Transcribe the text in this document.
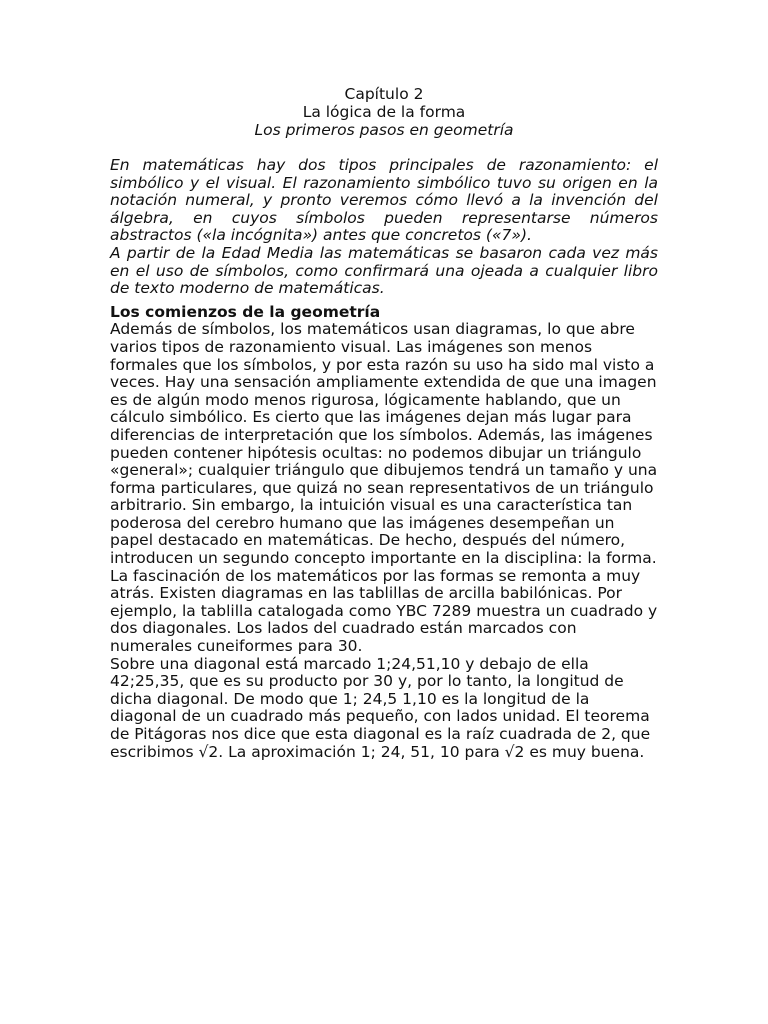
Capítulo 2
La lógica de la forma
Los primeros pasos en geometría

En matemáticas hay dos tipos principales de razonamiento: el simbólico y el visual. El razonamiento simbólico tuvo su origen en la notación numeral, y pronto veremos cómo llevó a la invención del álgebra, en cuyos símbolos pueden representarse números abstractos («la incógnita») antes que concretos («7»).

A partir de la Edad Media las matemáticas se basaron cada vez más en el uso de símbolos, como confirmará una ojeada a cualquier libro de texto moderno de matemáticas.

Los comienzos de la geometría

Además de símbolos, los matemáticos usan diagramas, lo que abre varios tipos de razonamiento visual. Las imágenes son menos formales que los símbolos, y por esta razón su uso ha sido mal visto a veces. Hay una sensación ampliamente extendida de que una imagen es de algún modo menos rigurosa, lógicamente hablando, que un cálculo simbólico. Es cierto que las imágenes dejan más lugar para diferencias de interpretación que los símbolos. Además, las imágenes pueden contener hipótesis ocultas: no podemos dibujar un triángulo «general»; cualquier triángulo que dibujemos tendrá un tamaño y una forma particulares, que quizá no sean representativos de un triángulo arbitrario. Sin embargo, la intuición visual es una característica tan poderosa del cerebro humano que las imágenes desempeñan un papel destacado en matemáticas. De hecho, después del número, introducen un segundo concepto importante en la disciplina: la forma.

La fascinación de los matemáticos por las formas se remonta a muy atrás. Existen diagramas en las tablillas de arcilla babilónicas. Por ejemplo, la tablilla catalogada como YBC 7289 muestra un cuadrado y dos diagonales. Los lados del cuadrado están marcados con numerales cuneiformes para 30.

Sobre una diagonal está marcado 1;24,51,10 y debajo de ella 42;25,35, que es su producto por 30 y, por lo tanto, la longitud de dicha diagonal. De modo que 1; 24,5 1,10 es la longitud de la diagonal de un cuadrado más pequeño, con lados unidad. El teorema de Pitágoras nos dice que esta diagonal es la raíz cuadrada de 2, que escribimos √2. La aproximación 1; 24, 51, 10 para √2 es muy buena.
